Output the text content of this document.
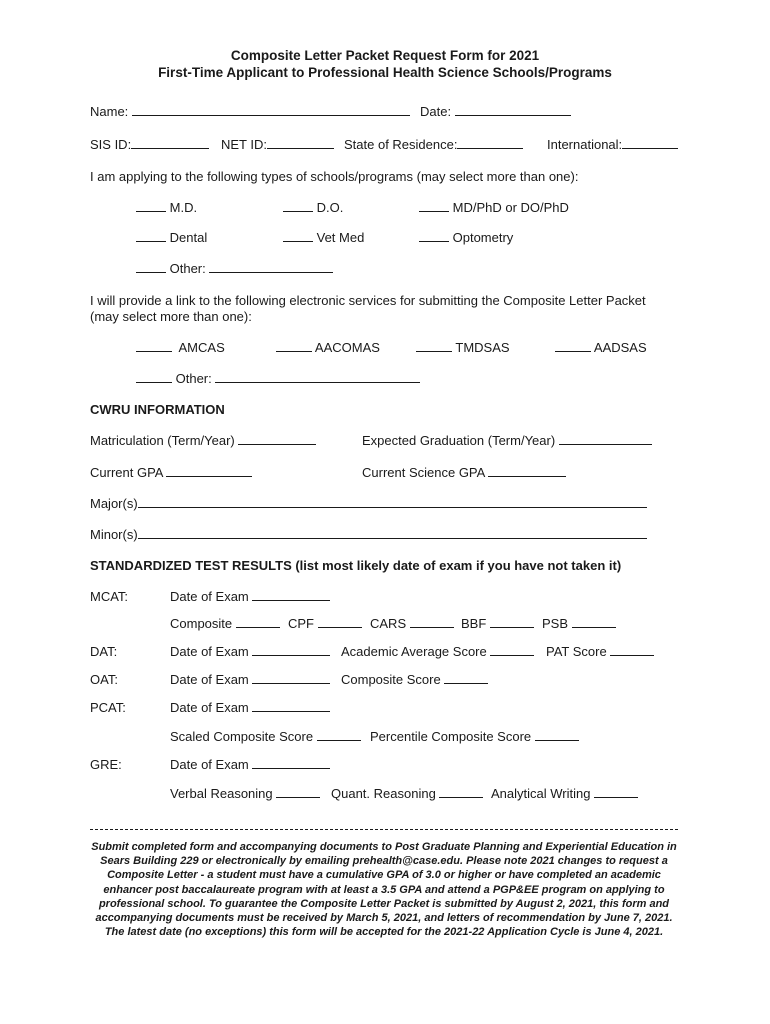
Composite Letter Packet Request Form for 2021
First-Time Applicant to Professional Health Science Schools/Programs
Name:	Date:
SIS ID:	NET ID:	State of Residence:	International:
I am applying to the following types of schools/programs (may select more than one):
M.D.	D.O.	MD/PhD or DO/PhD
Dental	Vet Med	Optometry
Other:
I will provide a link to the following electronic services for submitting the Composite Letter Packet
(may select more than one):
AMCAS	AACOMAS	TMDSAS	AADSAS
Other:
CWRU INFORMATION
Matriculation (Term/Year)	Expected Graduation (Term/Year)
Current GPA	Current Science GPA
Major(s)
Minor(s)
STANDARDIZED TEST RESULTS (list most likely date of exam if you have not taken it)
MCAT:	Date of Exam
Composite	CPF	CARS	BBF	PSB
DAT:	Date of Exam	Academic Average Score	PAT Score
OAT:	Date of Exam	Composite Score
PCAT:	Date of Exam
Scaled Composite Score	Percentile Composite Score
GRE:	Date of Exam
Verbal Reasoning	Quant. Reasoning	Analytical Writing
Submit completed form and accompanying documents to Post Graduate Planning and Experiential Education in Sears Building 229 or electronically by emailing prehealth@case.edu. Please note 2021 changes to request a Composite Letter - a student must have a cumulative GPA of 3.0 or higher or have completed an academic enhancer post baccalaureate program with at least a 3.5 GPA and attend a PGP&EE program on applying to professional school. To guarantee the Composite Letter Packet is submitted by August 2, 2021, this form and accompanying documents must be received by March 5, 2021, and letters of recommendation by June 7, 2021. The latest date (no exceptions) this form will be accepted for the 2021-22 Application Cycle is June 4, 2021.
